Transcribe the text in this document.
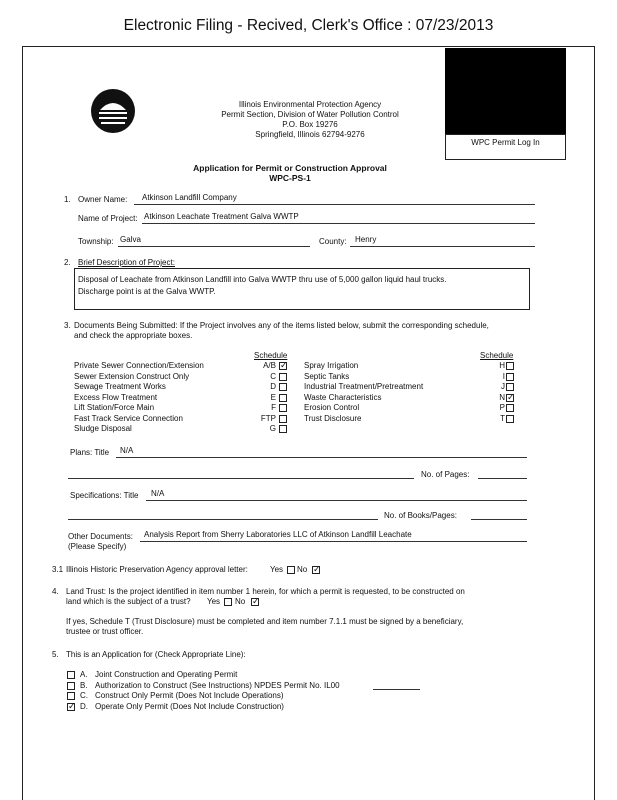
Electronic Filing - Recived, Clerk's Office : 07/23/2013
Illinois Environmental Protection Agency
Permit Section, Division of Water Pollution Control
P.O. Box 19276
Springfield, Illinois 62794-9276
WPC Permit Log In
Application for Permit or Construction Approval
WPC-PS-1
1. Owner Name: Atkinson Landfill Company
Name of Project: Atkinson Leachate Treatment Galva WWTP
Township: Galva	County: Henry
2. Brief Description of Project:
Disposal of Leachate from Atkinson Landfill into Galva WWTP thru use of 5,000 gallon liquid haul trucks.
Discharge point is at the Galva WWTP.
3. Documents Being Submitted: If the Project involves any of the items listed below, submit the corresponding schedule,
and check the appropriate boxes.
Schedule	Schedule
Private Sewer Connection/Extension	A/B
✓
Sewer Extension Construct Only	C
Sewage Treatment Works	D
Excess Flow Treatment	E
Lift Station/Force Main	F
Fast Track Service Connection	FTP
Sludge Disposal	G
Spray Irrigation	H
Septic Tanks	I
Industrial Treatment/Pretreatment	J
Waste Characteristics	N
✓
Erosion Control	P
Trust Disclosure	T
Plans: Title N/A
No. of Pages:
Specifications: Title N/A
No. of Books/Pages:
Other Documents:
(Please Specify)
Analysis Report from Sherry Laboratories LLC of Atkinson Landfill Leachate
3.1 Illinois Historic Preservation Agency approval letter:	Yes No
✓
4. Land Trust: Is the project identified in item number 1 herein, for which a permit is requested, to be constructed on
land which is the subject of a trust? Yes No
✓
If yes, Schedule T (Trust Disclosure) must be completed and item number 7.1.1 must be signed by a beneficiary,
trustee or trust officer.
5. This is an Application for (Check Appropriate Line):
A. Joint Construction and Operating Permit
B. Authorization to Construct (See Instructions) NPDES Permit No. IL00
C. Construct Only Permit (Does Not Include Operations)
✓
D. Operate Only Permit (Does Not Include Construction)
